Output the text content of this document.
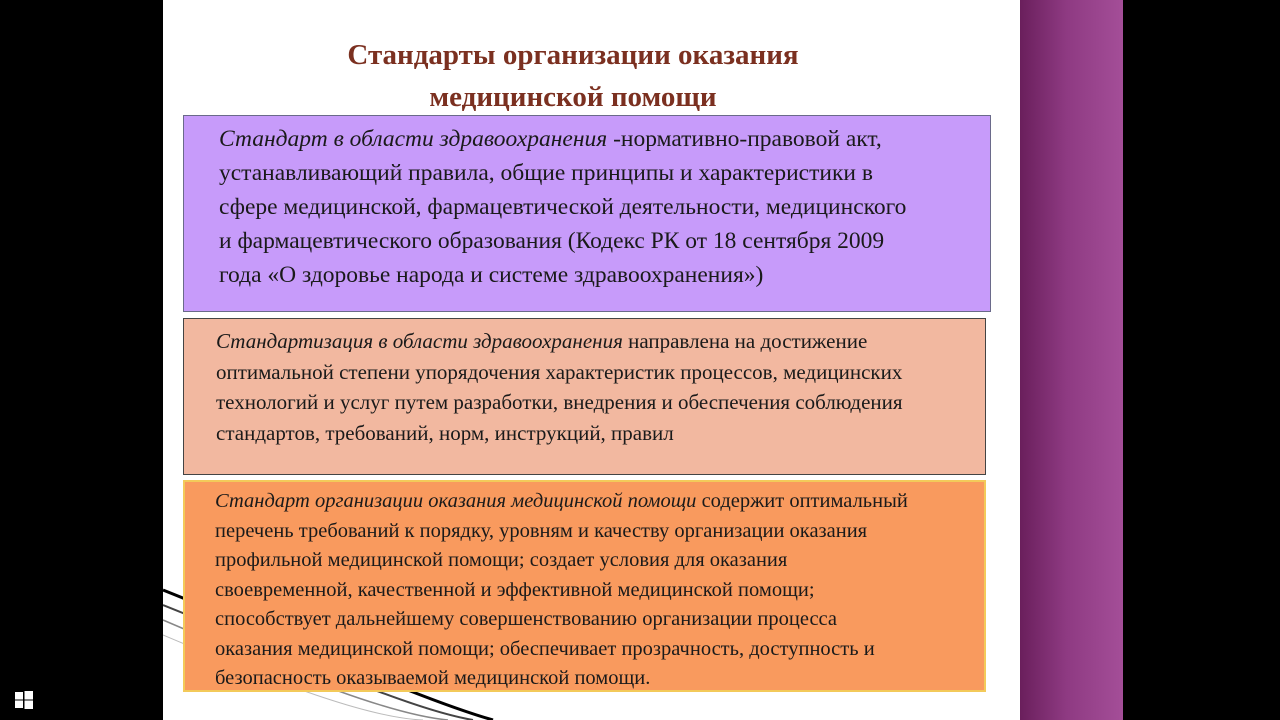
Стандарты организации оказания
медицинской помощи
Стандарт в области здравоохранения -нормативно-правовой акт,
устанавливающий правила, общие принципы и характеристики в
сфере медицинской, фармацевтической деятельности, медицинского
и фармацевтического образования (Кодекс РК от 18 сентября 2009
года «О здоровье народа и системе здравоохранения»)
Стандартизация в области здравоохранения направлена на достижение
оптимальной степени упорядочения характеристик процессов, медицинских
технологий и услуг путем разработки, внедрения и обеспечения соблюдения
стандартов, требований, норм, инструкций, правил
Стандарт организации оказания медицинской помощи содержит оптимальный
перечень требований к порядку, уровням и качеству организации оказания
профильной медицинской помощи; создает условия для оказания
своевременной, качественной и эффективной медицинской помощи;
способствует дальнейшему совершенствованию организации процесса
оказания медицинской помощи; обеспечивает прозрачность, доступность и
безопасность оказываемой медицинской помощи.
